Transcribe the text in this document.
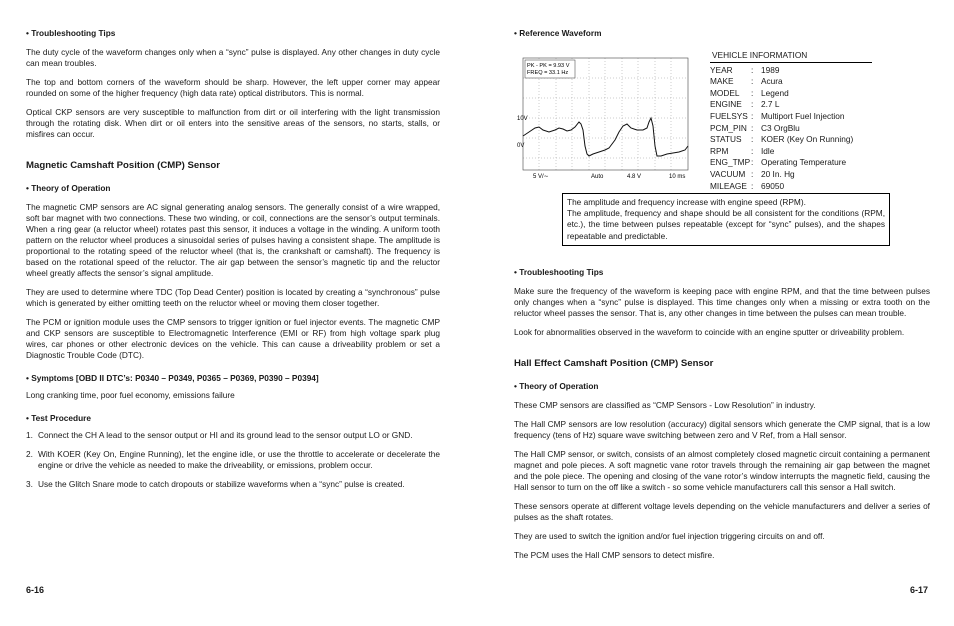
• Troubleshooting Tips

The duty cycle of the waveform changes only when a “sync” pulse is displayed. Any other changes in duty cycle can mean troubles.

The top and bottom corners of the waveform should be sharp. However, the left upper corner may appear rounded on some of the higher frequency (high data rate) optical distributors. This is normal.

Optical CKP sensors are very susceptible to malfunction from dirt or oil interfering with the light transmission through the rotating disk. When dirt or oil enters into the sensitive areas of the sensors, no starts, stalls, or misfires can occur.

Magnetic Camshaft Position (CMP) Sensor

• Theory of Operation

The magnetic CMP sensors are AC signal generating analog sensors. The generally consist of a wire wrapped, soft bar magnet with two connections. These two winding, or coil, connections are the sensor’s output terminals. When a ring gear (a reluctor wheel) rotates past this sensor, it induces a voltage in the winding. A uniform tooth pattern on the reluctor wheel produces a sinusoidal series of pulses having a consistent shape. The amplitude is proportional to the rotating speed of the reluctor wheel (that is, the crankshaft or camshaft). The frequency is based on the rotational speed of the reluctor. The air gap between the sensor’s magnetic tip and the reluctor wheel greatly affects the sensor’s signal amplitude.

They are used to determine where TDC (Top Dead Center) position is located by creating a “synchronous” pulse which is generated by either omitting teeth on the reluctor wheel or moving them closer together.

The PCM or ignition module uses the CMP sensors to trigger ignition or fuel injector events. The magnetic CMP and CKP sensors are susceptible to Electromagnetic Interference (EMI or RF) from high voltage spark plug wires, car phones or other electronic devices on the vehicle. This can cause a driveability problem or set a Diagnostic Trouble Code (DTC).

• Symptoms [OBD II DTC’s: P0340 – P0349, P0365 – P0369, P0390 – P0394]

Long cranking time, poor fuel economy, emissions failure

• Test Procedure

1. Connect the CH A lead to the sensor output or HI and its ground lead to the sensor output LO or GND.
2. With KOER (Key On, Engine Running), let the engine idle, or use the throttle to accelerate or decelerate the engine or drive the vehicle as needed to make the driveability, or emissions, problem occur.
3. Use the Glitch Snare mode to catch dropouts or stabilize waveforms when a “sync” pulse is created.
6-16

• Reference Waveform

PK - PK = 9.93 V
FREQ = 33.1 Hz
10V
0V
5 V/∼	Auto	4.8 V	10 ms
VEHICLE INFORMATION
YEAR	: 1989
MAKE	: Acura
MODEL	: Legend
ENGINE	: 2.7 L
FUELSYS : Multiport Fuel Injection
PCM_PIN : C3 OrgBlu
STATUS	: KOER (Key On Running)
RPM	: Idle
ENG_TMP : Operating Temperature
VACUUM : 20 In. Hg
MILEAGE : 69050
The amplitude and frequency increase with engine speed (RPM).
The amplitude, frequency and shape should be all consistent for the conditions (RPM, etc.), the time between pulses repeatable (except for “sync” pulses), and the shapes repeatable and predictable.

• Troubleshooting Tips

Make sure the frequency of the waveform is keeping pace with engine RPM, and that the time between pulses only changes when a “sync” pulse is displayed. This time changes only when a missing or extra tooth on the reluctor wheel passes the sensor. That is, any other changes in time between the pulses can mean trouble.

Look for abnormalities observed in the waveform to coincide with an engine sputter or driveability problem.

Hall Effect Camshaft Position (CMP) Sensor

• Theory of Operation

These CMP sensors are classified as “CMP Sensors - Low Resolution” in industry.

The Hall CMP sensors are low resolution (accuracy) digital sensors which generate the CMP signal, that is a low frequency (tens of Hz) square wave switching between zero and V Ref, from a Hall sensor.

The Hall CMP sensor, or switch, consists of an almost completely closed magnetic circuit containing a permanent magnet and pole pieces. A soft magnetic vane rotor travels through the remaining air gap between the magnet and the pole piece. The opening and closing of the vane rotor’s window interrupts the magnetic field, causing the Hall sensor to turn on the off like a switch - so some vehicle manufacturers call this sensor a Hall switch.

These sensors operate at different voltage levels depending on the vehicle manufacturers and deliver a series of pulses as the shaft rotates.

They are used to switch the ignition and/or fuel injection triggering circuits on and off.

The PCM uses the Hall CMP sensors to detect misfire.

6-17
